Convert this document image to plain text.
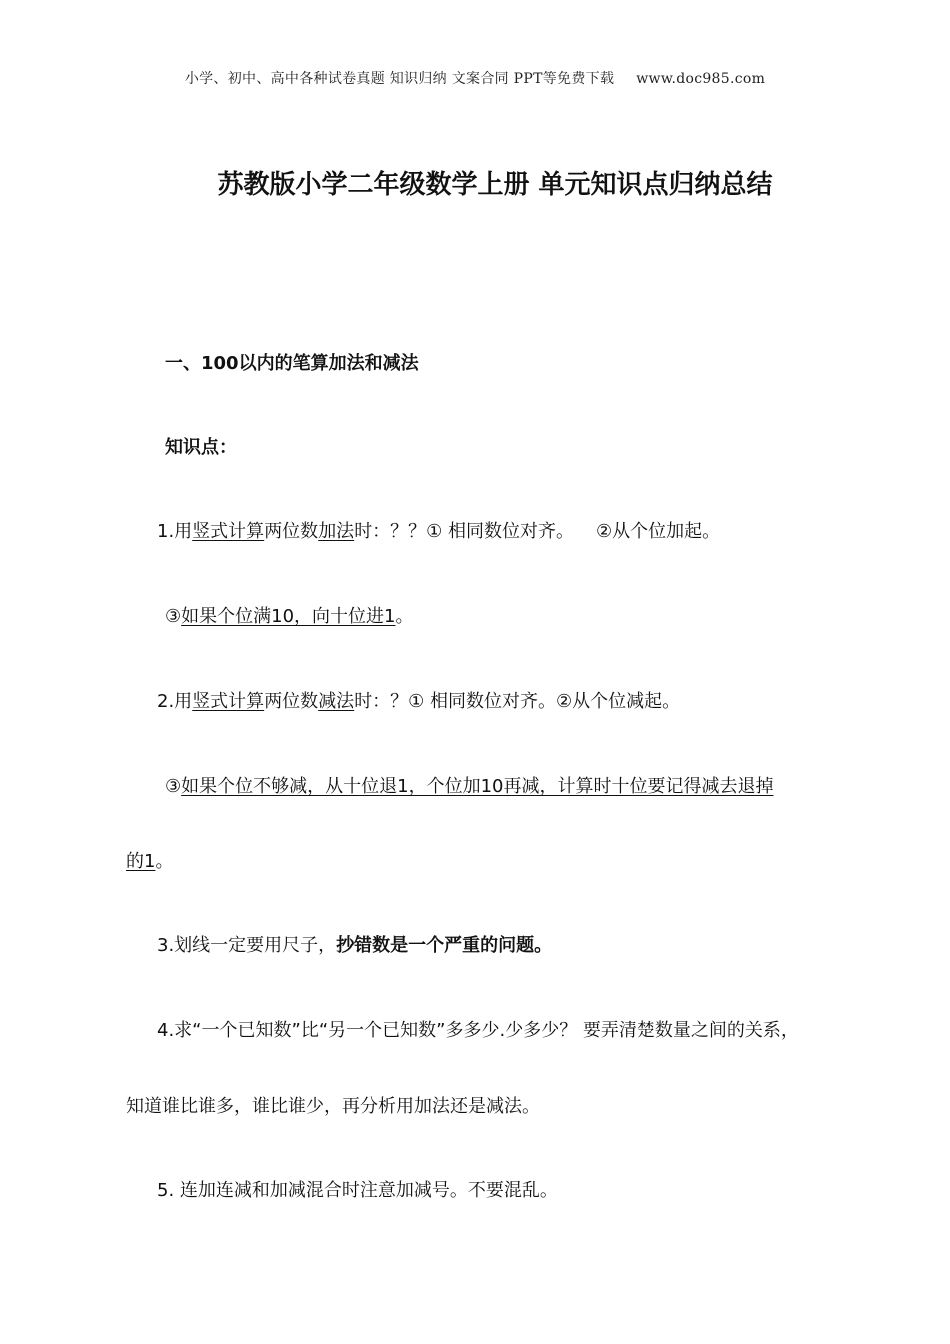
小学、初中、高中各种试卷真题 知识归纳 文案合同 PPT等免费下载 www.doc985.com
苏教版小学二年级数学上册 单元知识点归纳总结
一、100以内的笔算加法和减法
知识点：
1.用竖式计算两位数加法时：？？① 相同数位对齐。 ②从个位加起。
③如果个位满10，向十位进1。
2.用竖式计算两位数减法时：？① 相同数位对齐。②从个位减起。
③如果个位不够减，从十位退1，个位加10再减，计算时十位要记得减去退掉
的1。
3.划线一定要用尺子，抄错数是一个严重的问题。
4.求“一个已知数”比“另一个已知数”多多少.少多少？ 要弄清楚数量之间的关系，
知道谁比谁多，谁比谁少，再分析用加法还是减法。
5. 连加连减和加减混合时注意加减号。不要混乱。
